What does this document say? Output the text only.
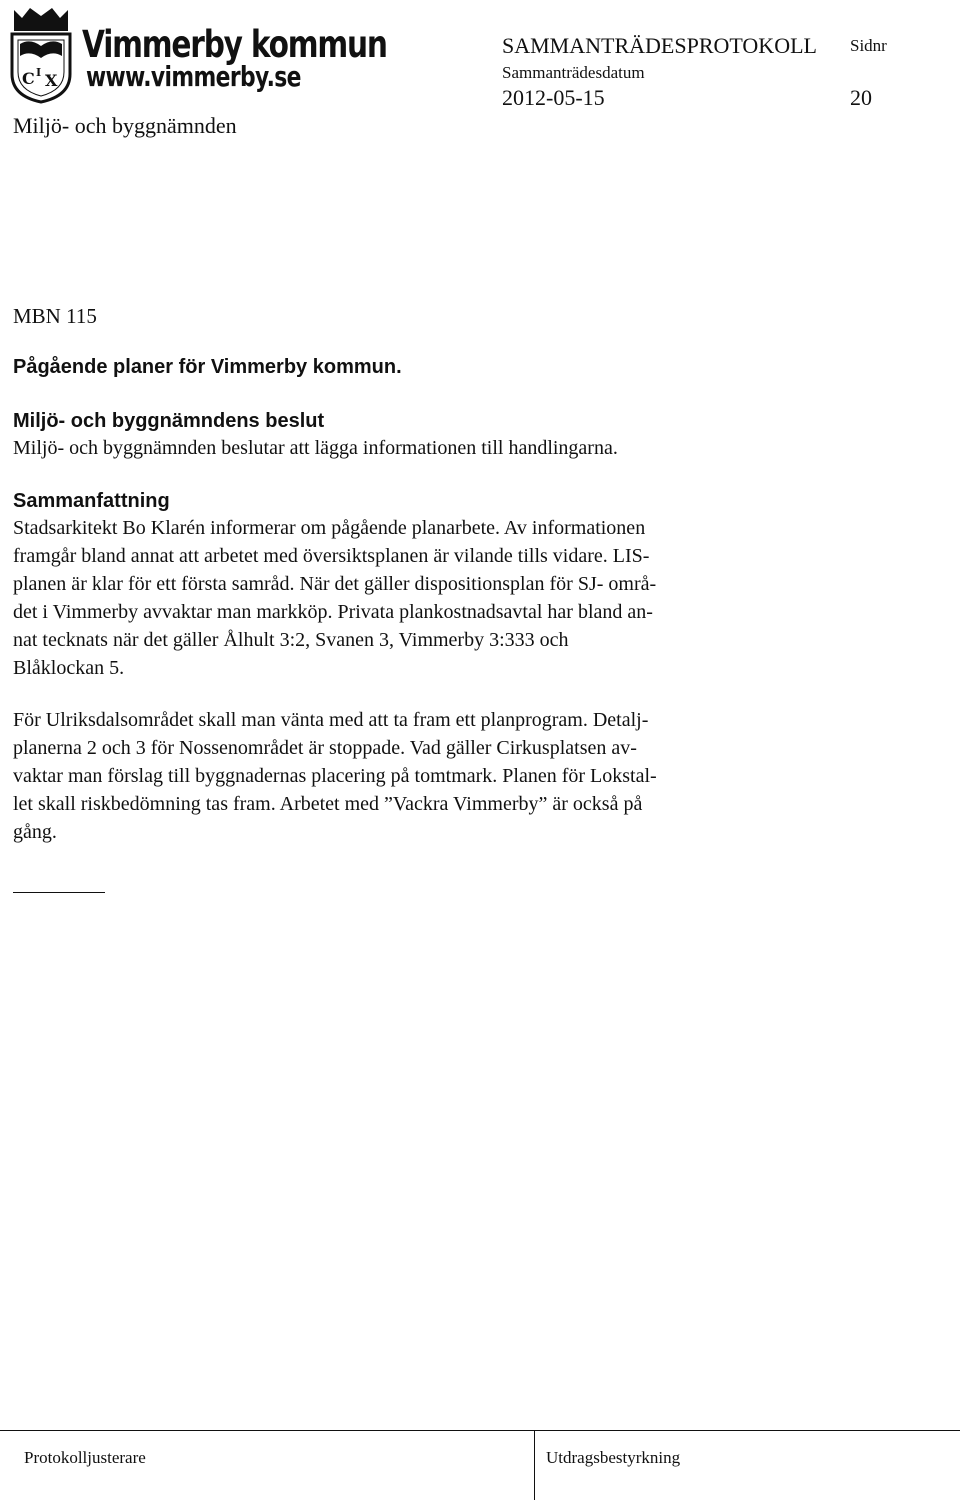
C I X
Vimmerby kommun
www.vimmerby.se
SAMMANTRÄDESPROTOKOLL Sidnr
Sammanträdesdatum
2012-05-15	20
Miljö- och byggnämnden
MBN 115
Pågående planer för Vimmerby kommun.
Miljö- och byggnämndens beslut
Miljö- och byggnämnden beslutar att lägga informationen till handlingarna.
Sammanfattning
Stadsarkitekt Bo Klarén informerar om pågående planarbete. Av informationen
framgår bland annat att arbetet med översiktsplanen är vilande tills vidare. LIS-
planen är klar för ett första samråd. När det gäller dispositionsplan för SJ- områ-
det i Vimmerby avvaktar man markköp. Privata plankostnadsavtal har bland an-
nat tecknats när det gäller Ålhult 3:2, Svanen 3, Vimmerby 3:333 och
Blåklockan 5.
För Ulriksdalsområdet skall man vänta med att ta fram ett planprogram. Detalj-
planerna 2 och 3 för Nossenområdet är stoppade. Vad gäller Cirkusplatsen av-
vaktar man förslag till byggnadernas placering på tomtmark. Planen för Lokstal-
let skall riskbedömning tas fram. Arbetet med ”Vackra Vimmerby” är också på
gång.
Protokolljusterare	Utdragsbestyrkning
